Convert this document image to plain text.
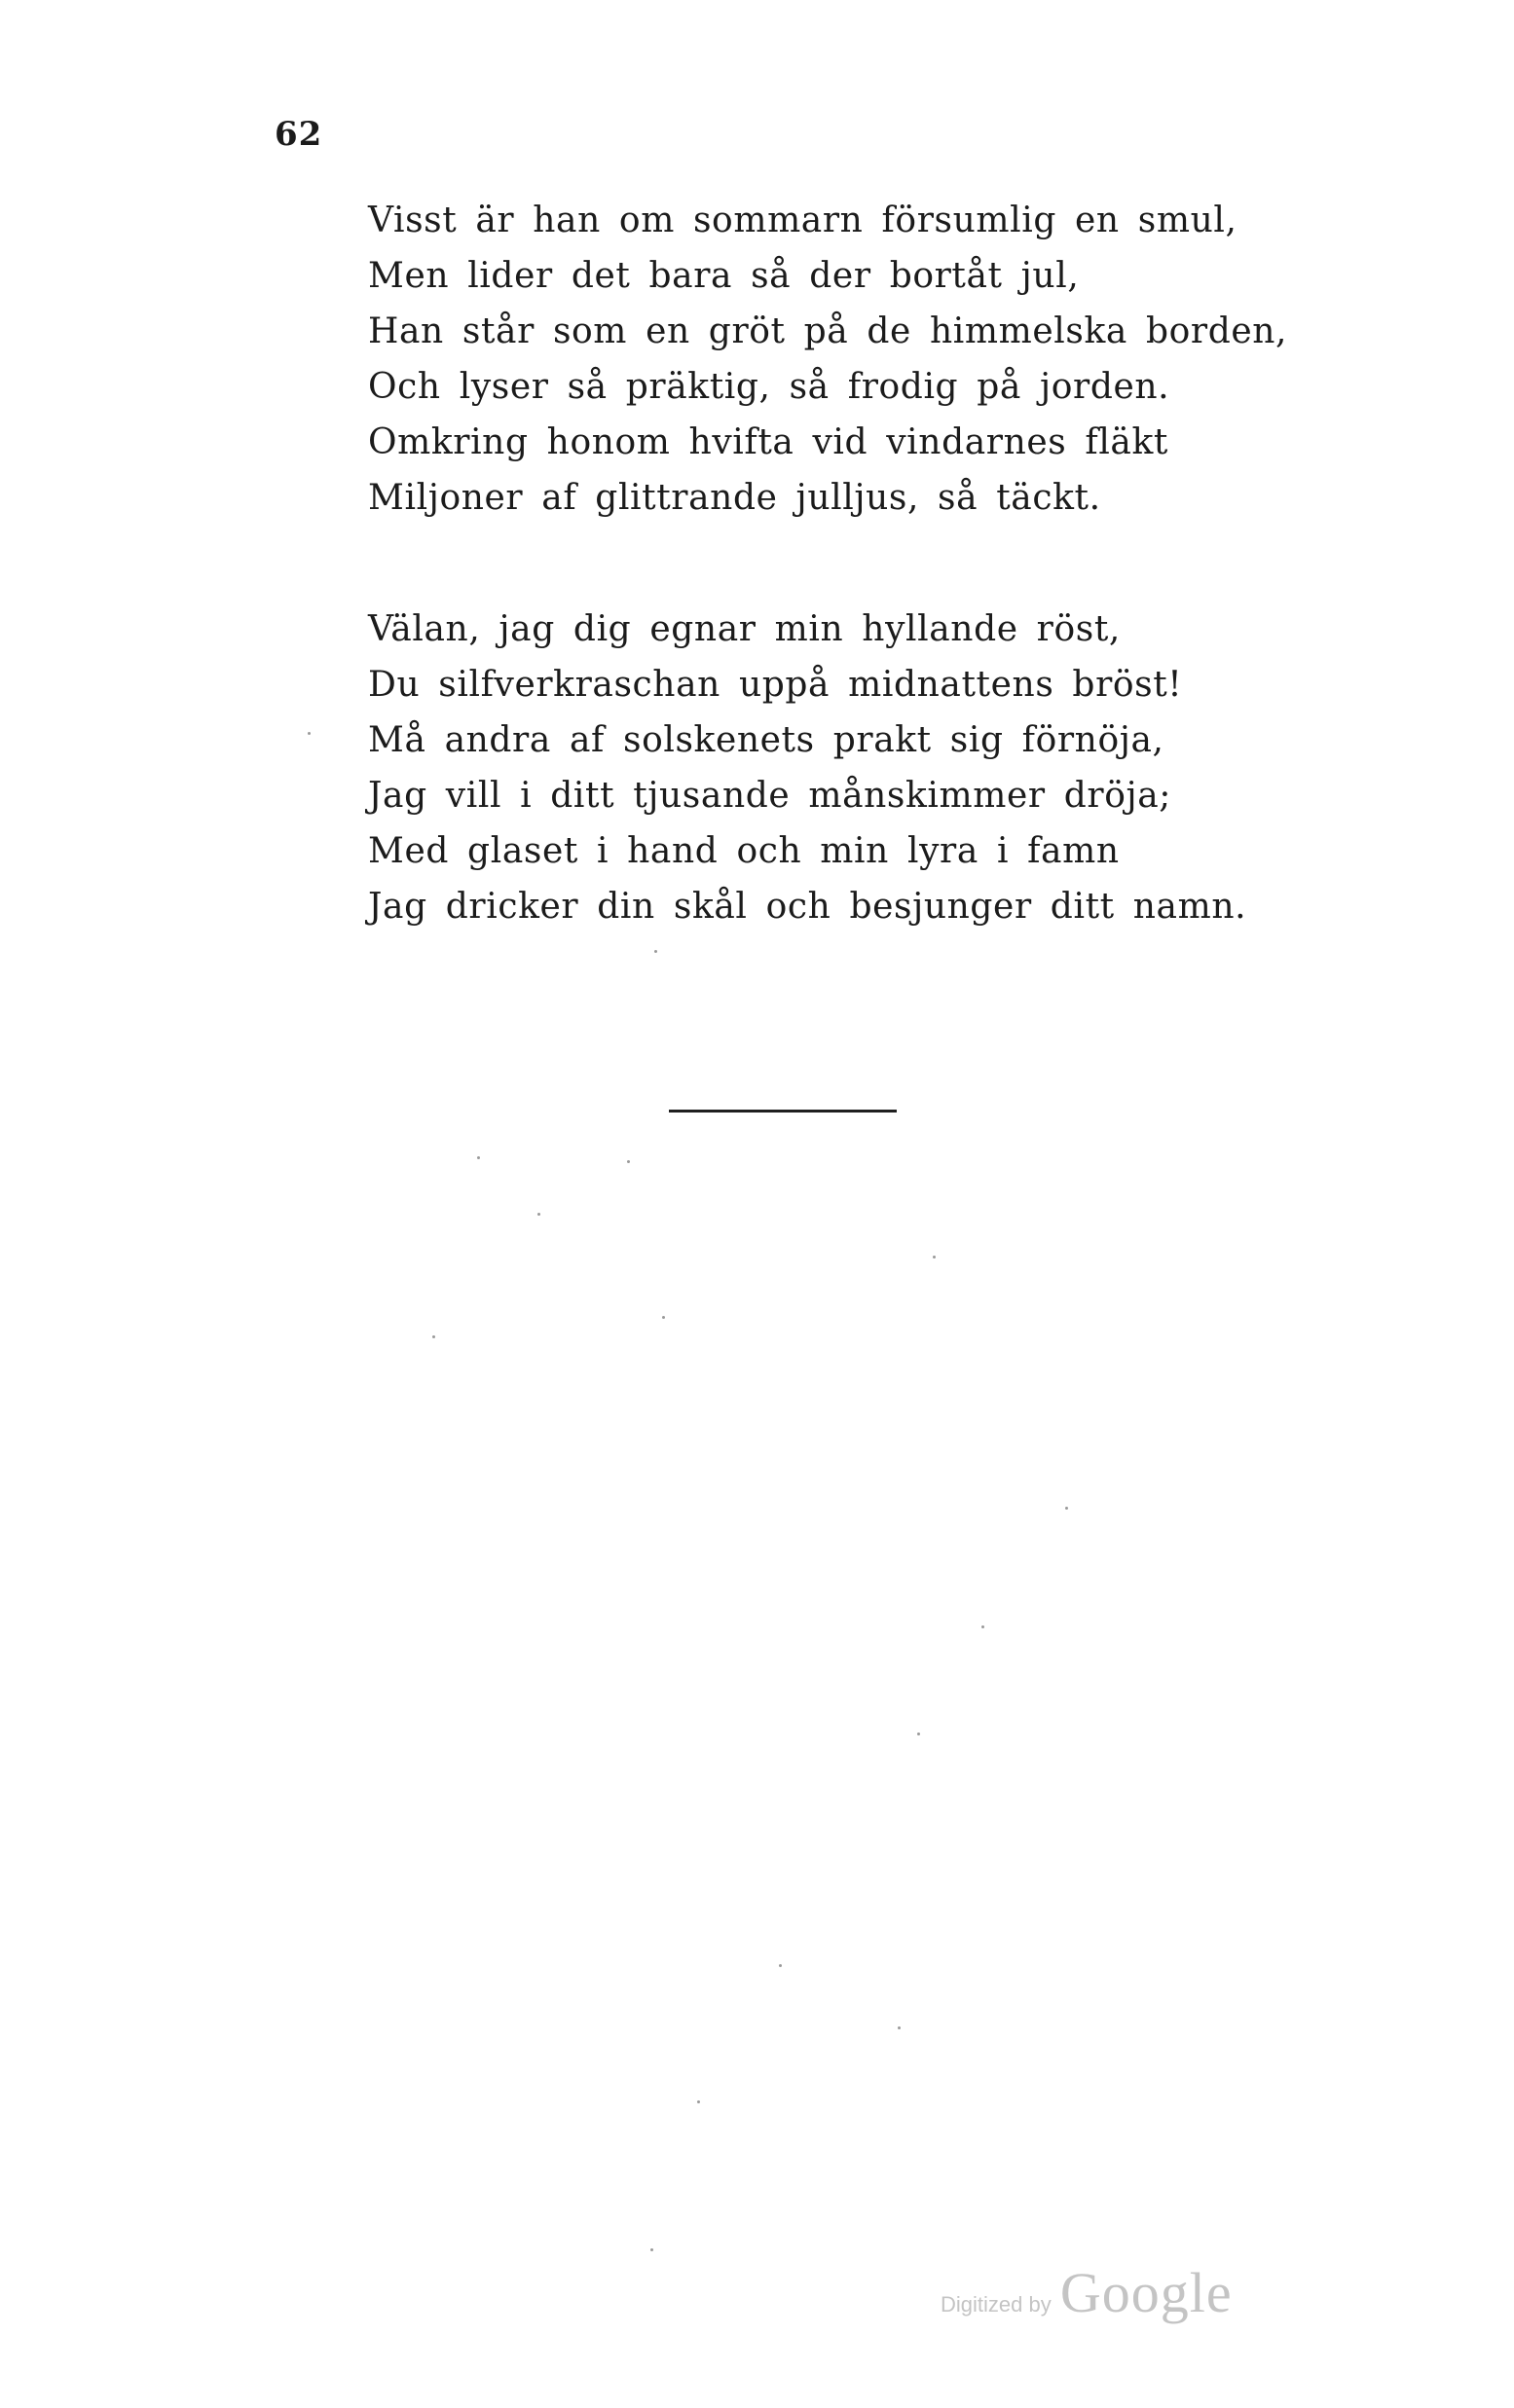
62
Visst är han om sommarn försumlig en smul,
Men lider det bara så der bortåt jul,
Han står som en gröt på de himmelska borden,
Och lyser så präktig, så frodig på jorden.
Omkring honom hvifta vid vindarnes fläkt
Miljoner af glittrande julljus, så täckt.
Välan, jag dig egnar min hyllande röst,
Du silfverkraschan uppå midnattens bröst!
Må andra af solskenets prakt sig förnöja,
Jag vill i ditt tjusande månskimmer dröja;
Med glaset i hand och min lyra i famn
Jag dricker din skål och besjunger ditt namn.
Digitized by Google
